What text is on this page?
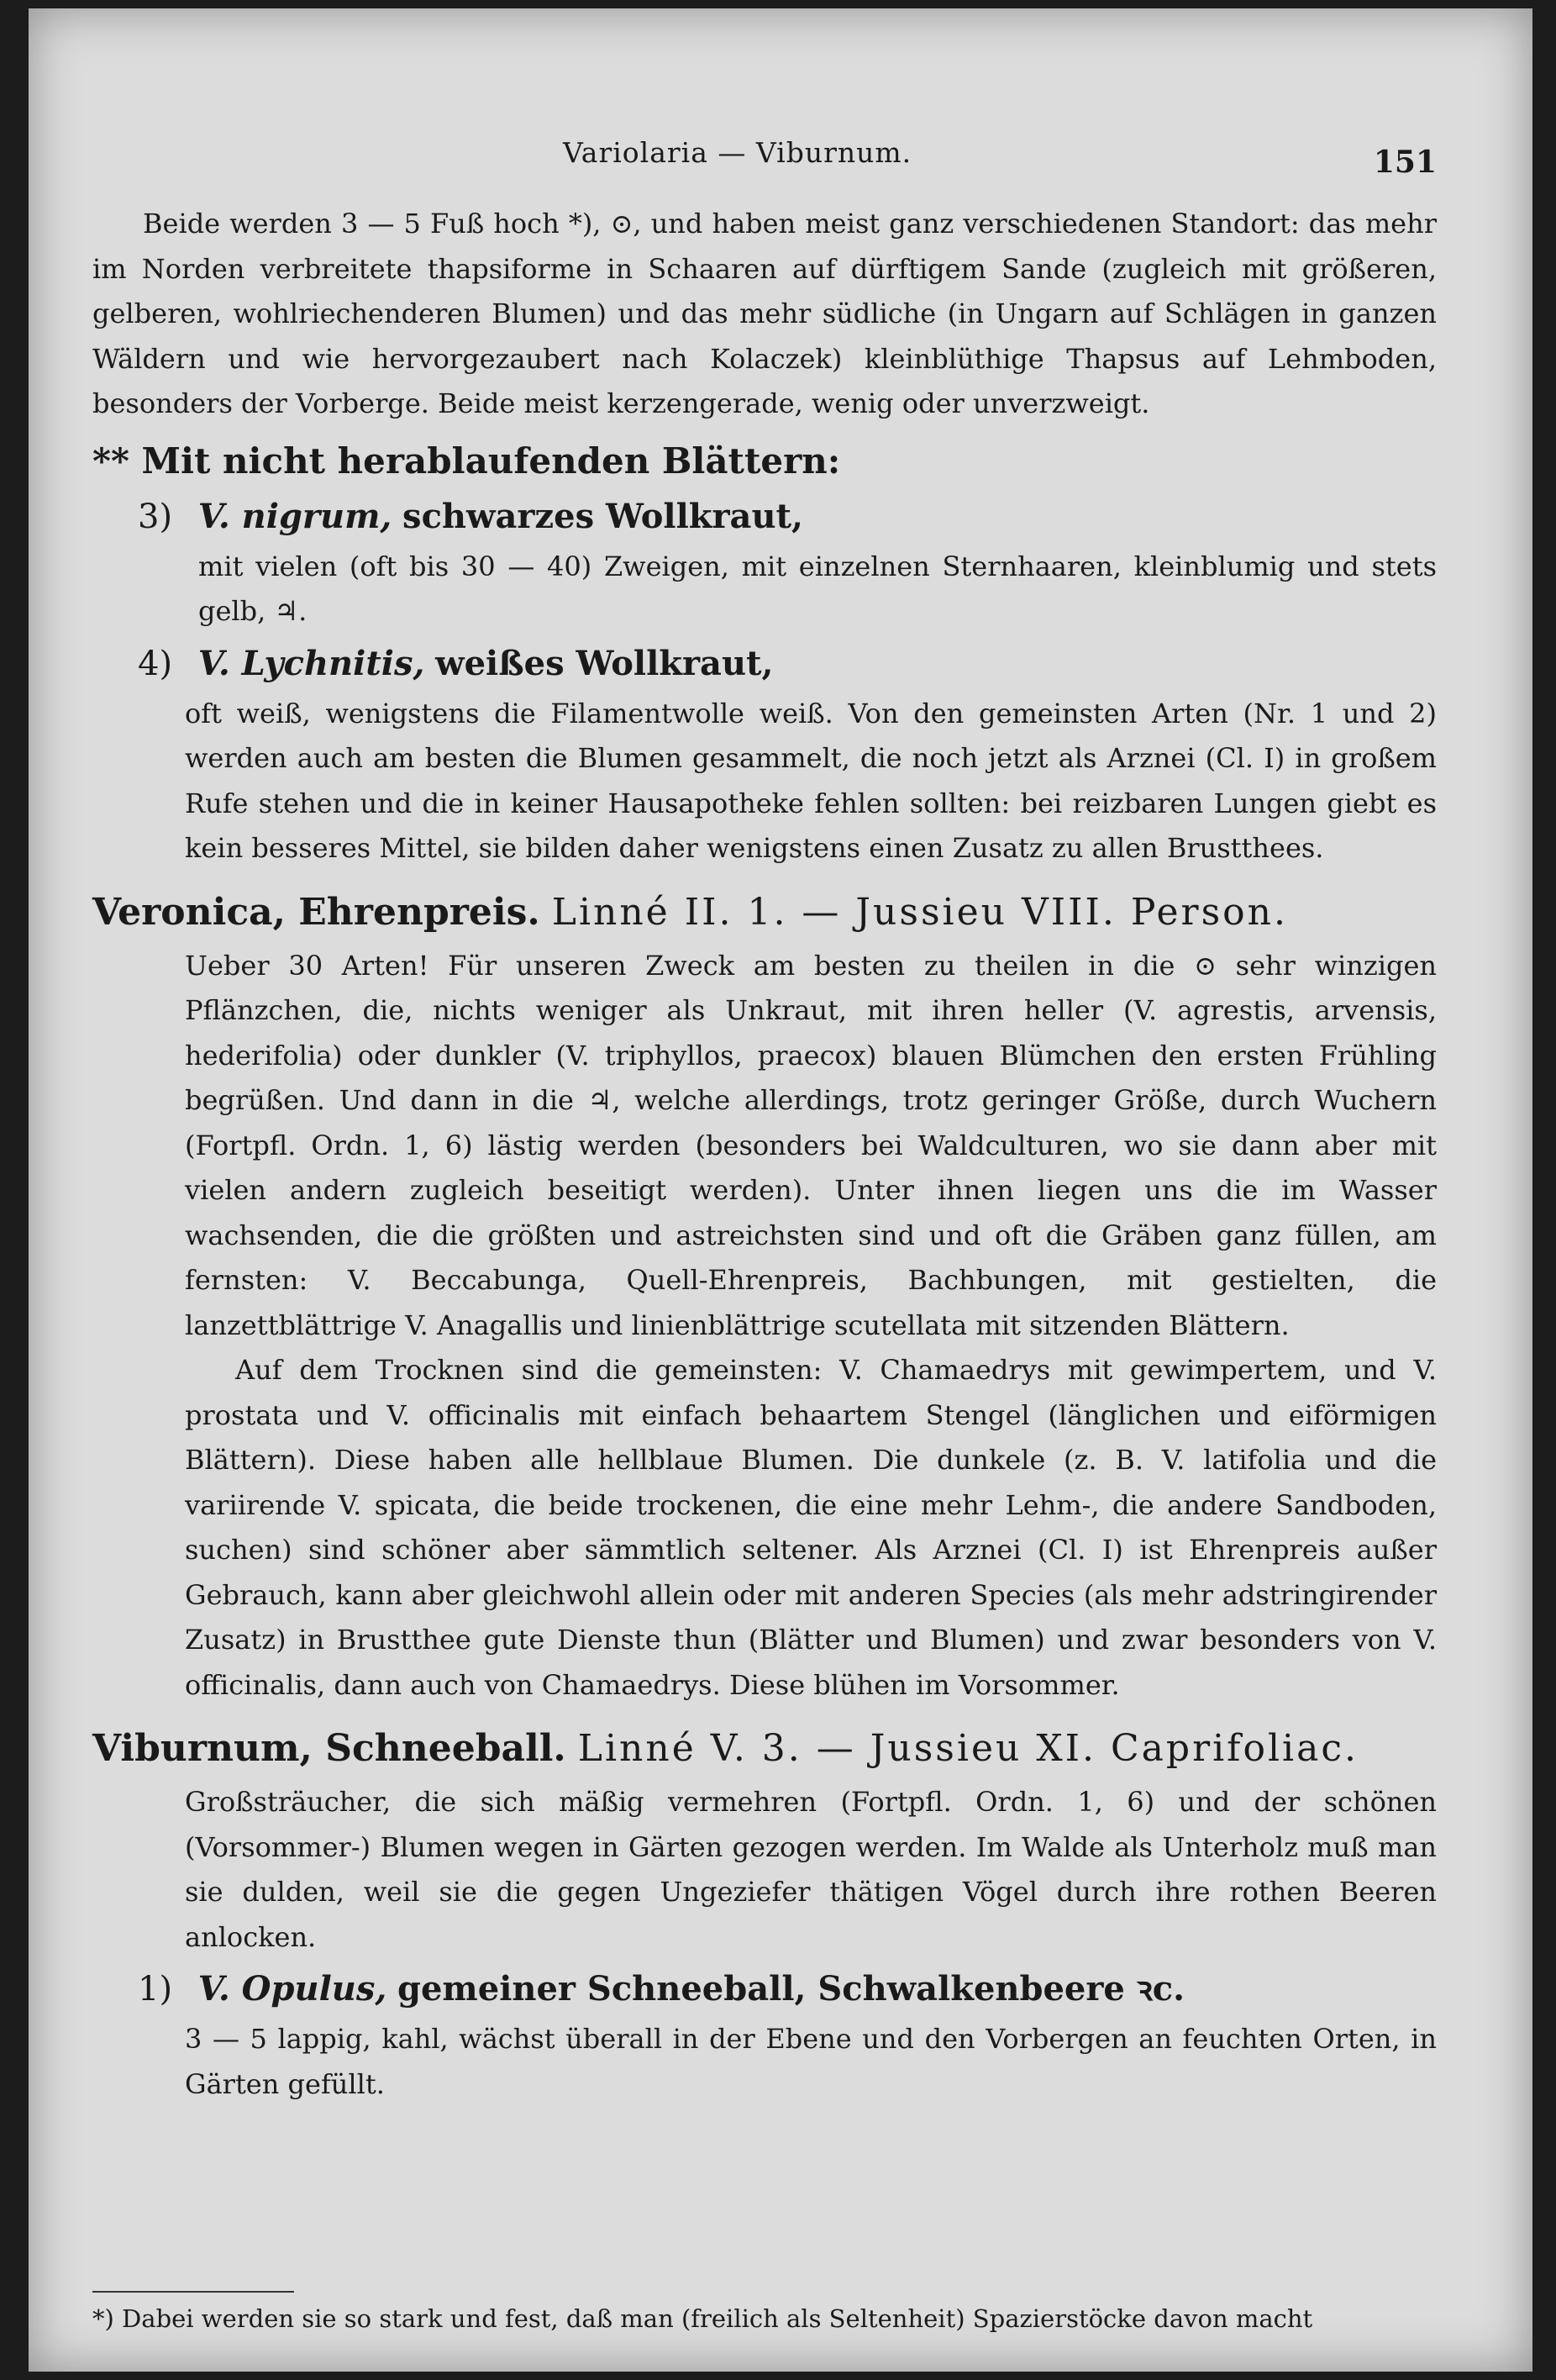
Variolaria — Viburnum.	151

Beide werden 3 — 5 Fuß hoch *), ⊙, und haben meist ganz verschiedenen Standort: das mehr im Norden verbreitete thapsiforme in Schaaren auf dürftigem Sande (zugleich mit größeren, gelberen, wohlriechenderen Blumen) und das mehr südliche (in Ungarn auf Schlägen in ganzen Wäldern und wie hervorgezaubert nach Kolaczek) kleinblüthige Thapsus auf Lehmboden, besonders der Vorberge. Beide meist kerzengerade, wenig oder unverzweigt.

** Mit nicht herablaufenden Blättern:
3) V. nigrum, schwarzes Wollkraut,

mit vielen (oft bis 30 — 40) Zweigen, mit einzelnen Sternhaaren, kleinblumig und stets gelb, ♃.

4) V. Lychnitis, weißes Wollkraut,

oft weiß, wenigstens die Filamentwolle weiß. Von den gemeinsten Arten (Nr. 1 und 2) werden auch am besten die Blumen gesammelt, die noch jetzt als Arznei (Cl. I) in großem Rufe stehen und die in keiner Hausapotheke fehlen sollten: bei reizbaren Lungen giebt es kein besseres Mittel, sie bilden daher wenigstens einen Zusatz zu allen Brustthees.

Veronica, Ehrenpreis. Linné II. 1. — Jussieu VIII. Person.

Ueber 30 Arten! Für unseren Zweck am besten zu theilen in die ⊙ sehr winzigen Pflänzchen, die, nichts weniger als Unkraut, mit ihren heller (V. agrestis, arvensis, hederifolia) oder dunkler (V. triphyllos, praecox) blauen Blümchen den ersten Frühling begrüßen. Und dann in die ♃, welche allerdings, trotz geringer Größe, durch Wuchern (Fortpfl. Ordn. 1, 6) lästig werden (besonders bei Waldculturen, wo sie dann aber mit vielen andern zugleich beseitigt werden). Unter ihnen liegen uns die im Wasser wachsenden, die die größten und astreichsten sind und oft die Gräben ganz füllen, am fernsten: V. Beccabunga, Quell-Ehrenpreis, Bachbungen, mit gestielten, die lanzettblättrige V. Anagallis und linienblättrige scutellata mit sitzenden Blättern.

Auf dem Trocknen sind die gemeinsten: V. Chamaedrys mit gewimpertem, und V. prostata und V. officinalis mit einfach behaartem Stengel (länglichen und eiförmigen Blättern). Diese haben alle hellblaue Blumen. Die dunkele (z. B. V. latifolia und die variirende V. spicata, die beide trockenen, die eine mehr Lehm-, die andere Sandboden, suchen) sind schöner aber sämmtlich seltener. Als Arznei (Cl. I) ist Ehrenpreis außer Gebrauch, kann aber gleichwohl allein oder mit anderen Species (als mehr adstringirender Zusatz) in Brustthee gute Dienste thun (Blätter und Blumen) und zwar besonders von V. officinalis, dann auch von Chamaedrys. Diese blühen im Vorsommer.

Viburnum, Schneeball. Linné V. 3. — Jussieu XI. Caprifoliac.

Großsträucher, die sich mäßig vermehren (Fortpfl. Ordn. 1, 6) und der schönen (Vorsommer-) Blumen wegen in Gärten gezogen werden. Im Walde als Unterholz muß man sie dulden, weil sie die gegen Ungeziefer thätigen Vögel durch ihre rothen Beeren anlocken.

1) V. Opulus, gemeiner Schneeball, Schwalkenbeere ꝛc.

3 — 5 lappig, kahl, wächst überall in der Ebene und den Vorbergen an feuchten Orten, in Gärten gefüllt.

*) Dabei werden sie so stark und fest, daß man (freilich als Seltenheit) Spazierstöcke davon macht
